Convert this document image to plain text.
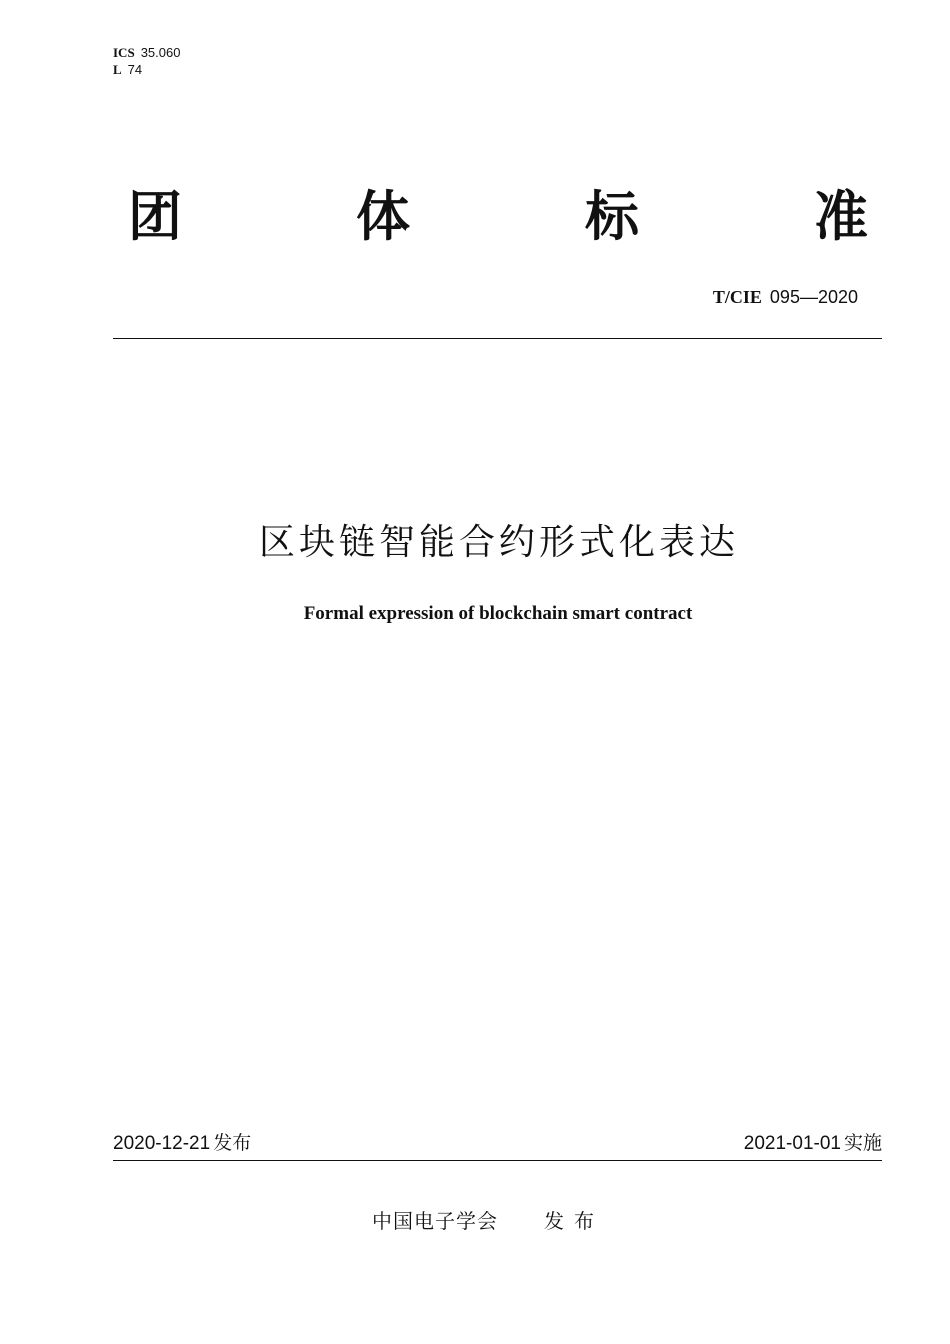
ICS 35.060
L 74
团	体	标	准
T/CIE 095—2020
区块链智能合约形式化表达
Formal expression of blockchain smart contract
2020-12-21 发布	2021-01-01 实施
中国电子学会 发布
